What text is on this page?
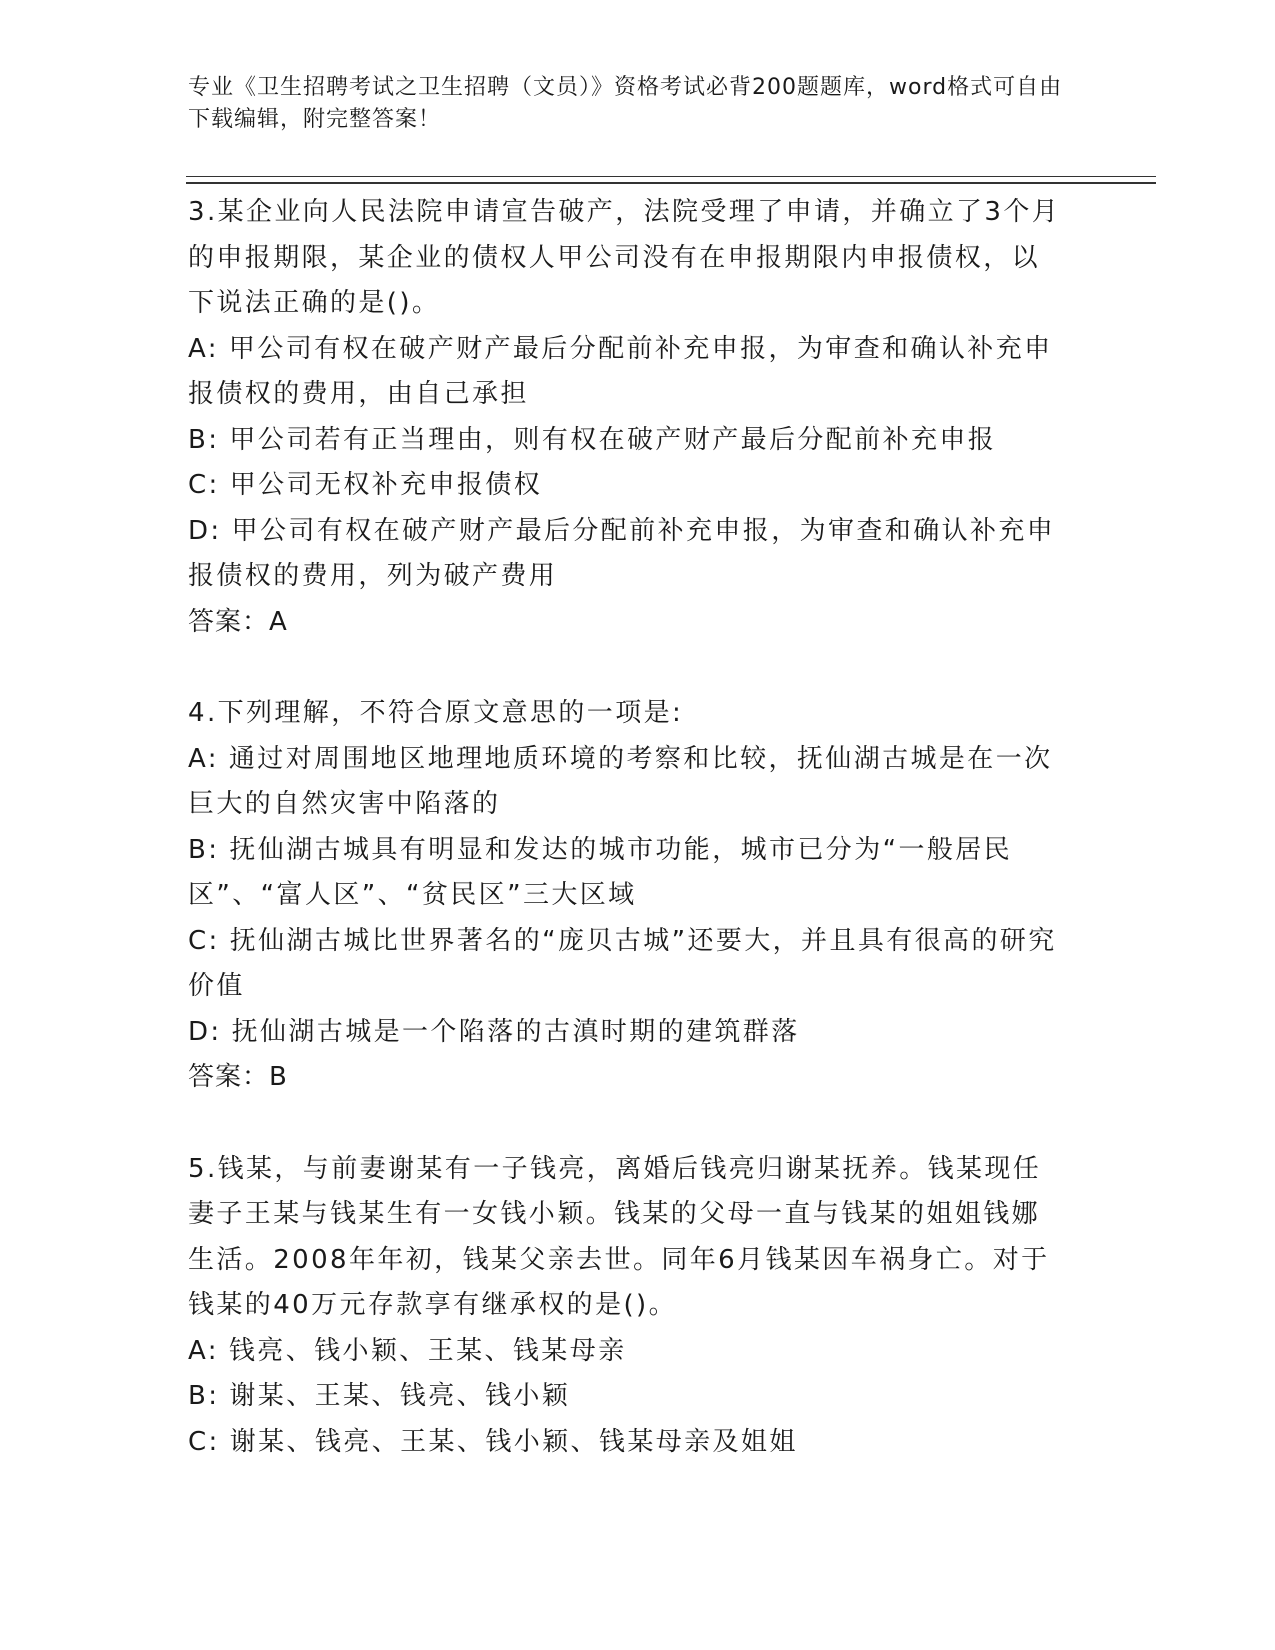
专业《卫生招聘考试之卫生招聘（文员）》资格考试必背200题题库，word格式可自由下载编辑，附完整答案！

3.某企业向人民法院申请宣告破产，法院受理了申请，并确立了3个月的申报期限，某企业的债权人甲公司没有在申报期限内申报债权，以下说法正确的是()。

A: 甲公司有权在破产财产最后分配前补充申报，为审查和确认补充申报债权的费用，由自己承担

B: 甲公司若有正当理由，则有权在破产财产最后分配前补充申报

C: 甲公司无权补充申报债权

D: 甲公司有权在破产财产最后分配前补充申报，为审查和确认补充申报债权的费用，列为破产费用

答案：A

4.下列理解，不符合原文意思的一项是:

A: 通过对周围地区地理地质环境的考察和比较，抚仙湖古城是在一次巨大的自然灾害中陷落的

B: 抚仙湖古城具有明显和发达的城市功能，城市已分为“一般居民区”、“富人区”、“贫民区”三大区域

C: 抚仙湖古城比世界著名的“庞贝古城”还要大，并且具有很高的研究价值

D: 抚仙湖古城是一个陷落的古滇时期的建筑群落

答案：B

5.钱某，与前妻谢某有一子钱亮，离婚后钱亮归谢某抚养。钱某现任妻子王某与钱某生有一女钱小颖。钱某的父母一直与钱某的姐姐钱娜生活。2008年年初，钱某父亲去世。同年6月钱某因车祸身亡。对于钱某的40万元存款享有继承权的是()。

A: 钱亮、钱小颖、王某、钱某母亲

B: 谢某、王某、钱亮、钱小颖

C: 谢某、钱亮、王某、钱小颖、钱某母亲及姐姐
